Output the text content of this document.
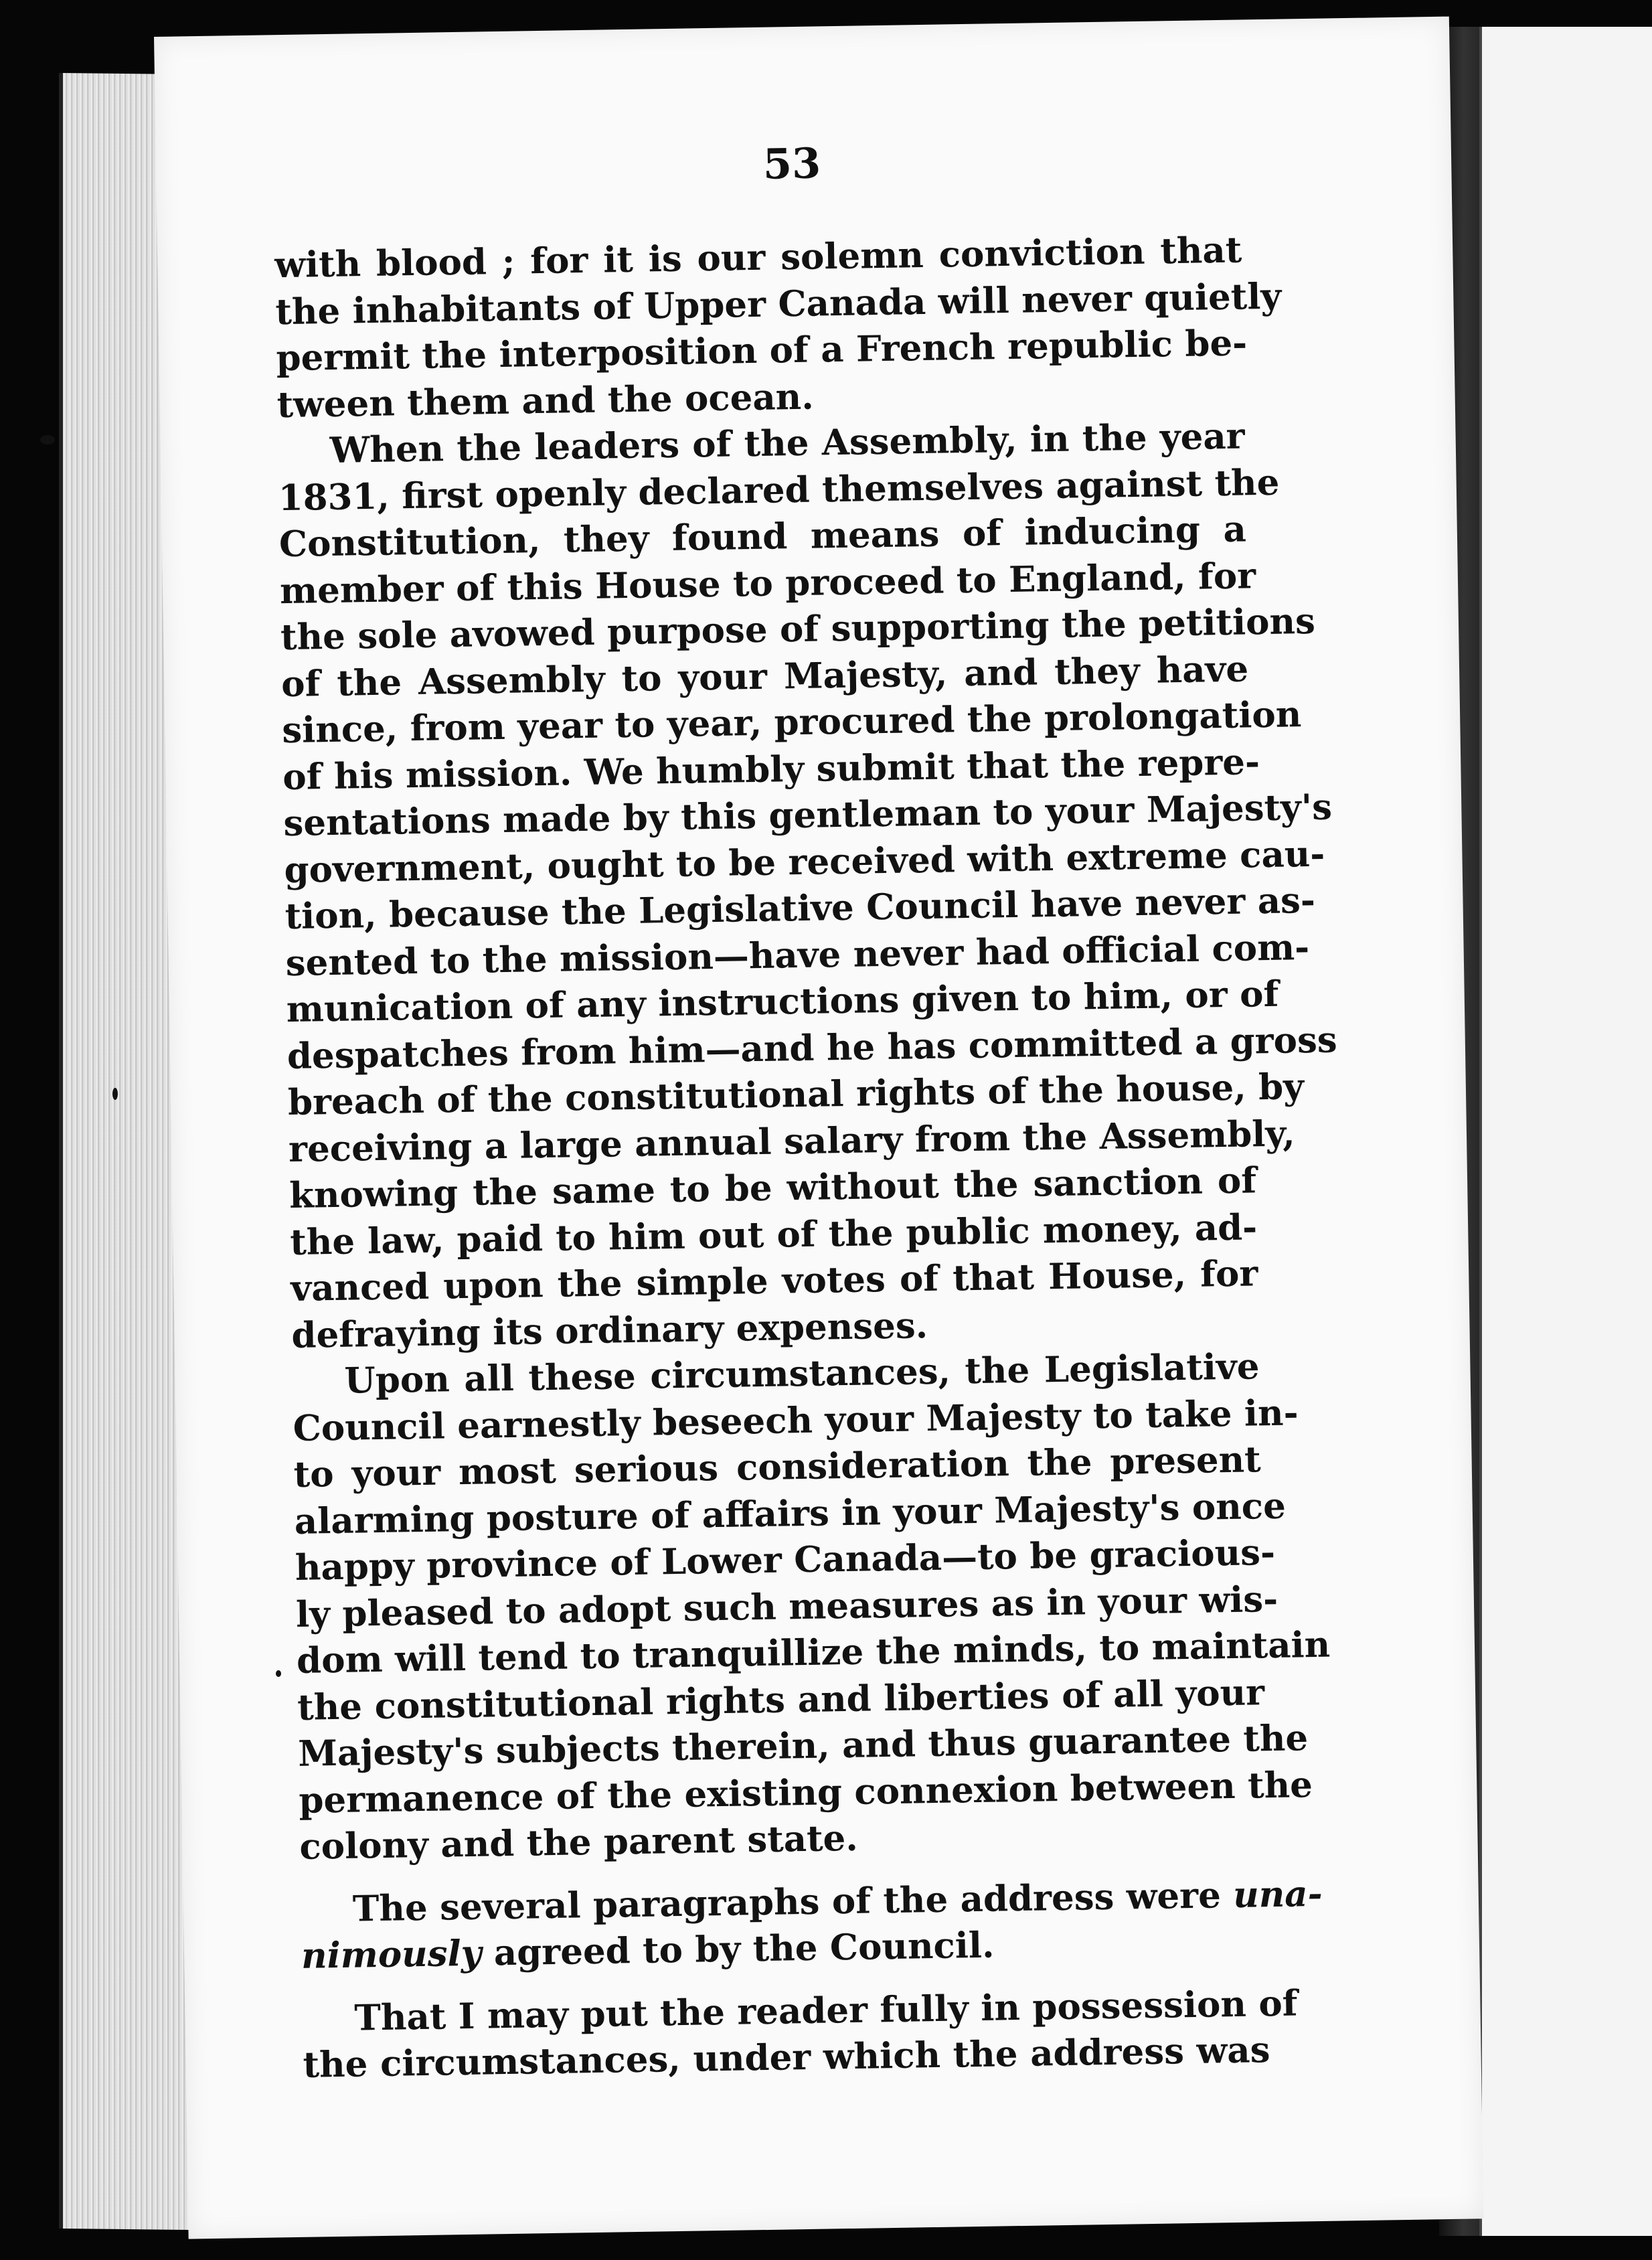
53
with blood ; for it is our solemn conviction that
the inhabitants of Upper Canada will never quietly
permit the interposition of a French republic be-
tween them and the ocean.
When the leaders of the Assembly, in the year
1831, first openly declared themselves against the
Constitution, they found means of inducing a
member of this House to proceed to England, for
the sole avowed purpose of supporting the petitions
of the Assembly to your Majesty, and they have
since, from year to year, procured the prolongation
of his mission. We humbly submit that the repre-
sentations made by this gentleman to your Majesty's
government, ought to be received with extreme cau-
tion, because the Legislative Council have never as-
sented to the mission—have never had official com-
munication of any instructions given to him, or of
despatches from him—and he has committed a gross
breach of the constitutional rights of the house, by
receiving a large annual salary from the Assembly,
knowing the same to be without the sanction of
the law, paid to him out of the public money, ad-
vanced upon the simple votes of that House, for
defraying its ordinary expenses.
Upon all these circumstances, the Legislative
Council earnestly beseech your Majesty to take in-
to your most serious consideration the present
alarming posture of affairs in your Majesty's once
happy province of Lower Canada—to be gracious-
ly pleased to adopt such measures as in your wis-
dom will tend to tranquillize the minds, to maintain
the constitutional rights and liberties of all your
Majesty's subjects therein, and thus guarantee the
permanence of the existing connexion between the
colony and the parent state.
The several paragraphs of the address were una-
nimously agreed to by the Council.
That I may put the reader fully in possession of
the circumstances, under which the address was
